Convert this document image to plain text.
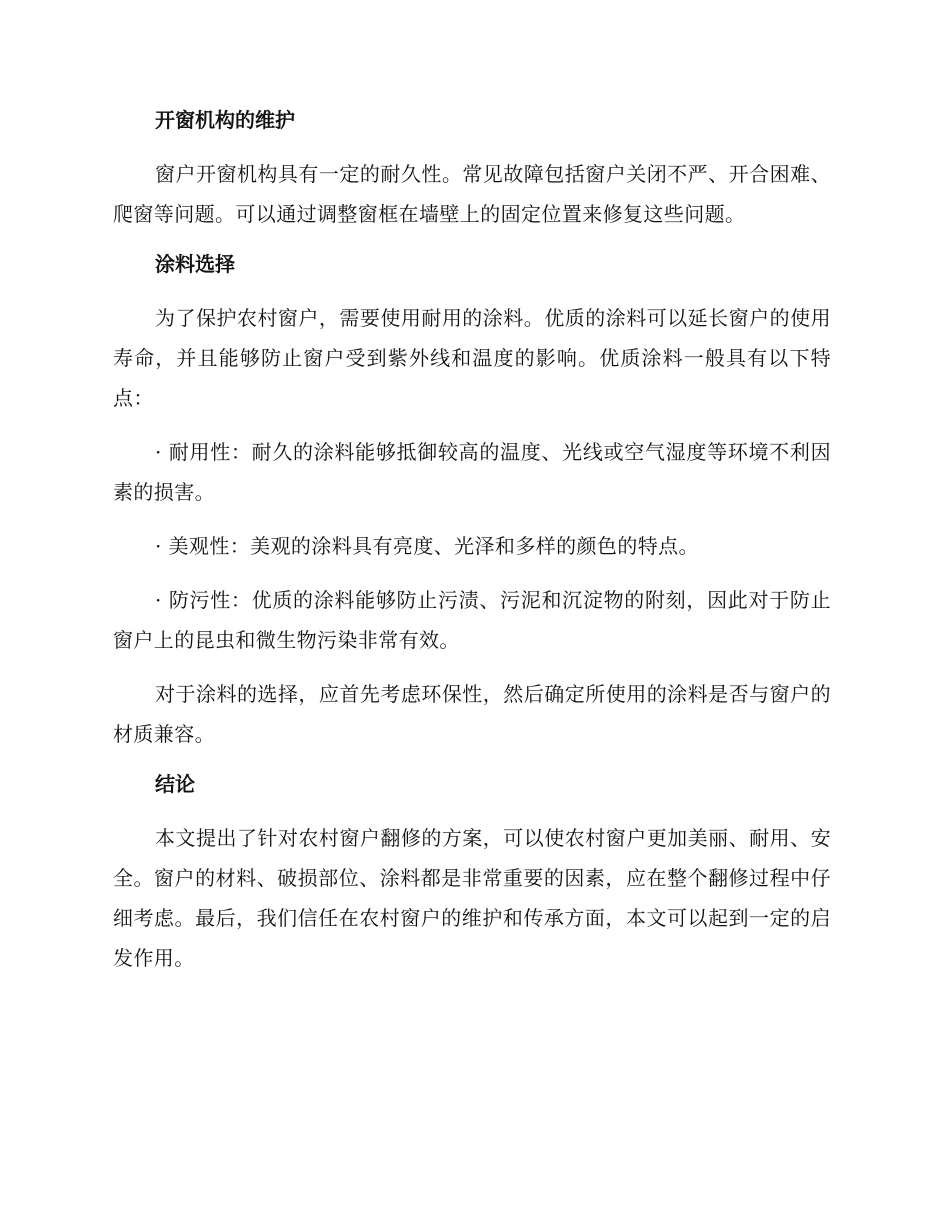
开窗机构的维护

窗户开窗机构具有一定的耐久性。常见故障包括窗户关闭不严、开合困难、爬窗等问题。可以通过调整窗框在墙壁上的固定位置来修复这些问题。

涂料选择

为了保护农村窗户，需要使用耐用的涂料。优质的涂料可以延长窗户的使用寿命，并且能够防止窗户受到紫外线和温度的影响。优质涂料一般具有以下特点：

· 耐用性：耐久的涂料能够抵御较高的温度、光线或空气湿度等环境不利因素的损害。

· 美观性：美观的涂料具有亮度、光泽和多样的颜色的特点。

· 防污性：优质的涂料能够防止污渍、污泥和沉淀物的附刻，因此对于防止窗户上的昆虫和微生物污染非常有效。

对于涂料的选择，应首先考虑环保性，然后确定所使用的涂料是否与窗户的材质兼容。

结论

本文提出了针对农村窗户翻修的方案，可以使农村窗户更加美丽、耐用、安全。窗户的材料、破损部位、涂料都是非常重要的因素，应在整个翻修过程中仔细考虑。最后，我们信任在农村窗户的维护和传承方面，本文可以起到一定的启发作用。
